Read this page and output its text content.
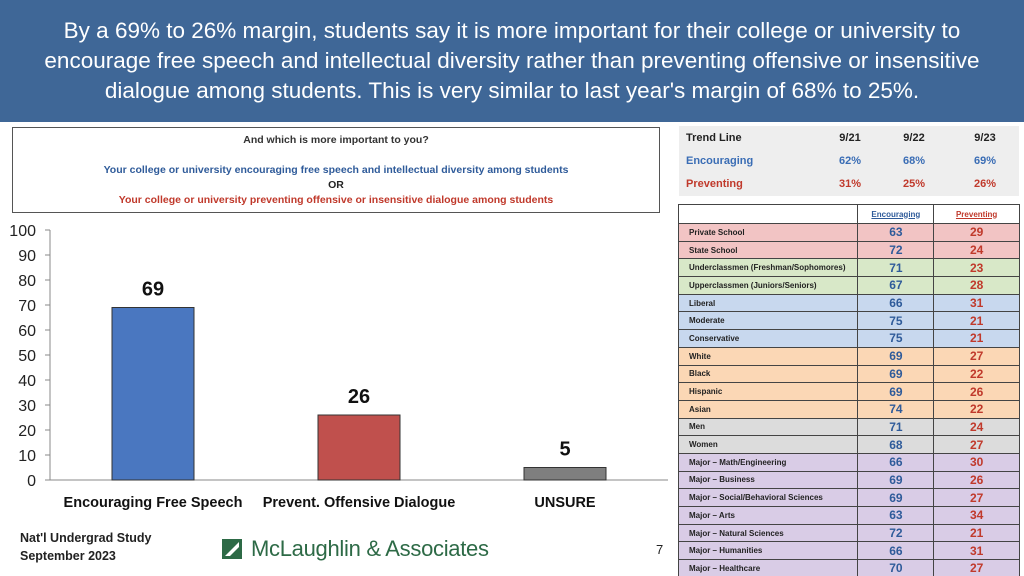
By a 69% to 26% margin, students say it is more important for their college or university to encourage free speech and intellectual diversity rather than preventing offensive or insensitive dialogue among students. This is very similar to last year's margin of 68% to 25%.
And which is more important to you?
Your college or university encouraging free speech and intellectual diversity among students
OR
Your college or university preventing offensive or insensitive dialogue among students
Trend Line	9/21	9/22	9/23
Encouraging	62%	68%	69%
Preventing	31%	25%	26%
	Encouraging	Preventing
Private School	63	29
State School	72	24
Underclassmen (Freshman/Sophomores)	71	23
Upperclassmen (Juniors/Seniors)	67	28
Liberal	66	31
Moderate	75	21
Conservative	75	21
White	69	27
Black	69	22
Hispanic	69	26
Asian	74	22
Men	71	24
Women	68	27
Major – Math/Engineering	66	30
Major – Business	69	26
Major – Social/Behavioral Sciences	69	27
Major – Arts	63	34
Major – Natural Sciences	72	21
Major – Humanities	66	31
Major – Healthcare	70	27
0
10
20
30
40
50
60
70
80
90
100
69
Encouraging Free Speech
26
Prevent. Offensive Dialogue
5
UNSURE
Nat'l Undergrad Study
September 2023	McLaughlin & Associates	7
